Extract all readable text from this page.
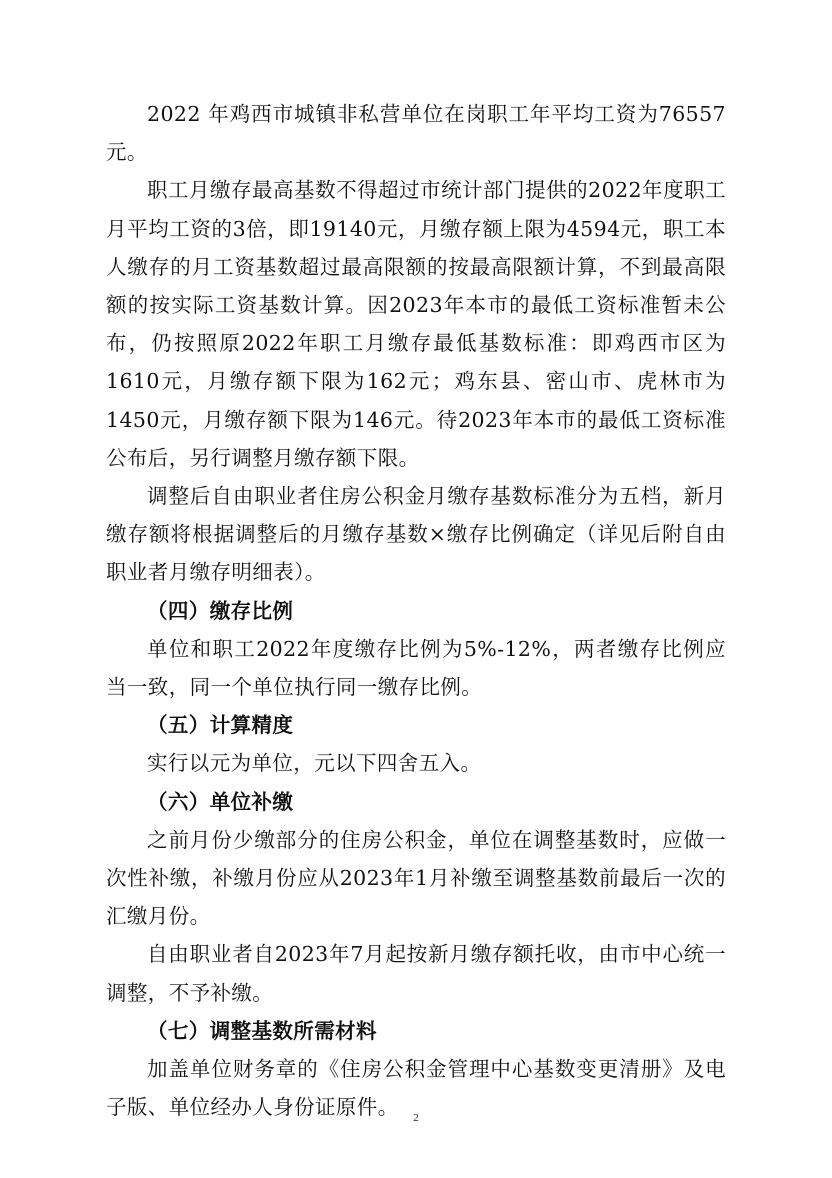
2022 年鸡西市城镇非私营单位在岗职工年平均工资为76557元。

职工月缴存最高基数不得超过市统计部门提供的2022年度职工月平均工资的3倍，即19140元，月缴存额上限为4594元，职工本人缴存的月工资基数超过最高限额的按最高限额计算，不到最高限额的按实际工资基数计算。因2023年本市的最低工资标准暂未公布，仍按照原2022年职工月缴存最低基数标准：即鸡西市区为1610元，月缴存额下限为162元；鸡东县、密山市、虎林市为1450元，月缴存额下限为146元。待2023年本市的最低工资标准公布后，另行调整月缴存额下限。

调整后自由职业者住房公积金月缴存基数标准分为五档，新月缴存额将根据调整后的月缴存基数×缴存比例确定（详见后附自由职业者月缴存明细表）。

（四）缴存比例

单位和职工2022年度缴存比例为5%-12%，两者缴存比例应当一致，同一个单位执行同一缴存比例。

（五）计算精度

实行以元为单位，元以下四舍五入。

（六）单位补缴

之前月份少缴部分的住房公积金，单位在调整基数时，应做一次性补缴，补缴月份应从2023年1月补缴至调整基数前最后一次的汇缴月份。

自由职业者自2023年7月起按新月缴存额托收，由市中心统一调整，不予补缴。

（七）调整基数所需材料

加盖单位财务章的《住房公积金管理中心基数变更清册》及电子版、单位经办人身份证原件。	2
